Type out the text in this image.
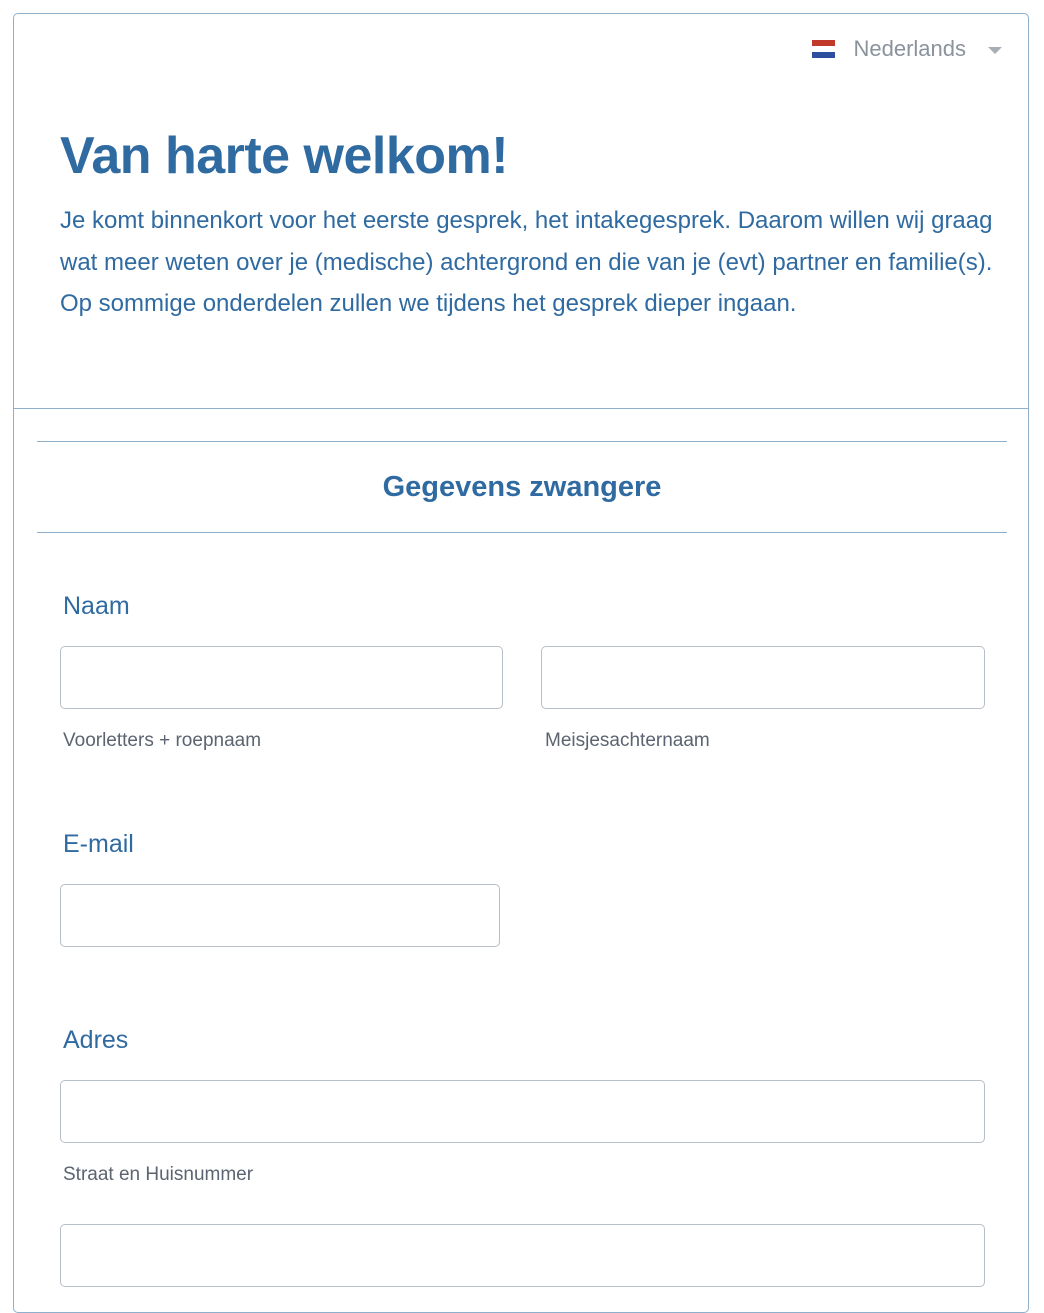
Nederlands
Van harte welkom!

Je komt binnenkort voor het eerste gesprek, het intakegesprek. Daarom willen wij graag wat meer weten over je (medische) achtergrond en die van je (evt) partner en familie(s). Op sommige onderdelen zullen we tijdens het gesprek dieper ingaan.

Gegevens zwangere

Naam

Voorletters + roepnaam	Meisjesachternaam

E-mail

Adres

Straat en Huisnummer
